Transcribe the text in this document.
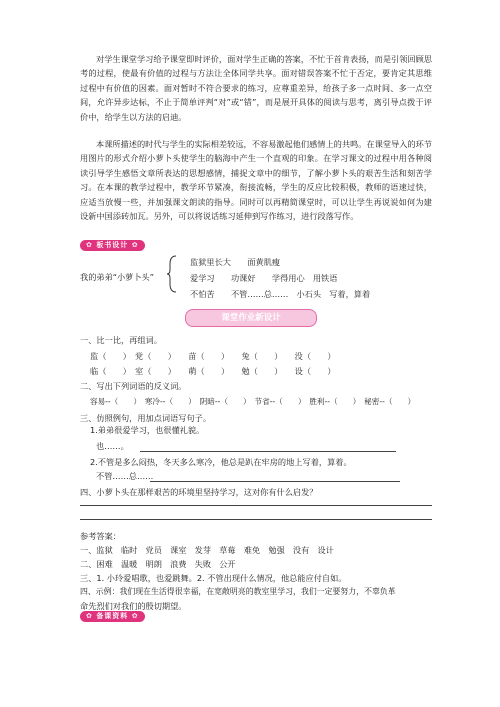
对学生课堂学习给予课堂即时评价，面对学生正确的答案，不忙于首肯表扬，而是引领回顾思考的过程，使最有价值的过程与方法让全体同学共享。面对错误答案不忙于否定，要肯定其思维过程中有价值的因素。面对暂时不符合要求的练习，应尊重差异，给孩子多一点时间、多一点空间，允许异步达标，不止于简单评判“对”或“错”，而是展开具体的阅读与思考，离引导点拨于评价中，给学生以方法的启迪。

本课所描述的时代与学生的实际相差较远，不容易激起他们感情上的共鸣。在课堂导入的环节用图片的形式介绍小萝卜头使学生的脑海中产生一个直观的印象。在学习课文的过程中用各种阅读引导学生感悟文章所表达的思想感情，捕捉文章中的细节，了解小萝卜头的艰苦生活和刻苦学习。在本课的教学过程中，教学环节紧凑，衔接流畅，学生的反应比较积极，教师的语速过快，应适当放慢一些，并加强课文朗读的指导。同时可以再精简课堂时，可以让学生再说说如何为建设新中国添砖加瓦。另外，可以将说话练习延伸到写作练习，进行段落写作。

✿ 板书设计 ✿
我的弟弟“小萝卜头”
监狱里长大　　面黄肌瘦
爱学习　　功课好　　学得用心　用铁语
不怕苦　　不管……总……　小石头　写着，算着
课堂作业新设计
一、比一比，再组词。
监（　　）　党（　　）　　苗（　　）　　兔（　　）　　没（　　）
临（　　）　室（　　）　　萌（　　）　　勉（　　）　　设（　　）
二、写出下列词语的反义词。
容易--（　　）　寒冷--（　　）　阴暗--（　　）　节省--（　　）　胜利--（　　）　秘密--（　　）
三、仿照例句，用加点词语写句子。
1.弟弟很爱学习，也很懂礼貌。
也……。
2.不管是多么闷热，冬天多么寒冷，他总是趴在牢房的地上写着，算着。
不管……总……
四、小萝卜头在那样艰苦的环境里坚持学习，这对你有什么启发？
参考答案：
一、监狱　临时　党员　课室　发芽　草莓　难免　勉强　没有　设计
二、困难　温暖　明朗　浪费　失败　公开
三、1. 小玲爱唱歌，也爱跳舞。2. 不管出现什么情况，他总能应付自如。
四、示例：我们现在生活得很幸福，在宽敞明亮的教室里学习，我们一定要努力，不辜负革
命先烈们对我们的殷切期望。
✿ 备课资料 ✿
